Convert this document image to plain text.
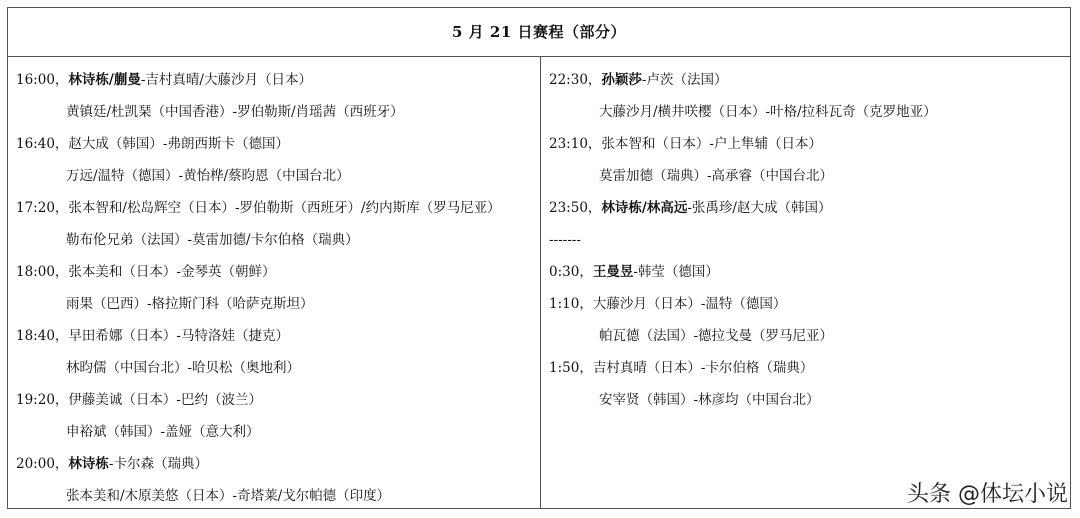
5 月 21 日赛程（部分）
16:00，林诗栋/蒯曼-吉村真晴/大藤沙月（日本）
黄镇廷/杜凯琹（中国香港）-罗伯勒斯/肖瑶茜（西班牙）
16:40，赵大成（韩国）-弗朗西斯卡（德国）
万远/温特（德国）-黄怡桦/蔡昀恩（中国台北）
17:20，张本智和/松岛辉空（日本）-罗伯勒斯（西班牙）/约内斯库（罗马尼亚）
勒布伦兄弟（法国）-莫雷加德/卡尔伯格（瑞典）
18:00，张本美和（日本）-金琴英（朝鲜）
雨果（巴西）-格拉斯门科（哈萨克斯坦）
18:40，早田希娜（日本）-马特洛娃（捷克）
林昀儒（中国台北）-哈贝松（奥地利）
19:20，伊藤美诚（日本）-巴约（波兰）
申裕斌（韩国）-盖娅（意大利）
20:00，林诗栋-卡尔森（瑞典）
张本美和/木原美悠（日本）-奇塔莱/戈尔帕德（印度）
22:30，孙颖莎-卢茨（法国）
大藤沙月/横井咲樱（日本）-叶格/拉科瓦奇（克罗地亚）
23:10，张本智和（日本）-户上隼辅（日本）
莫雷加德（瑞典）-高承睿（中国台北）
23:50，林诗栋/林高远-张禹珍/赵大成（韩国）
-------
0:30，王曼昱-韩莹（德国）
1:10，大藤沙月（日本）-温特（德国）
帕瓦德（法国）-德拉戈曼（罗马尼亚）
1:50，吉村真晴（日本）-卡尔伯格（瑞典）
安宰贤（韩国）-林彦均（中国台北）
头条 @体坛小说
